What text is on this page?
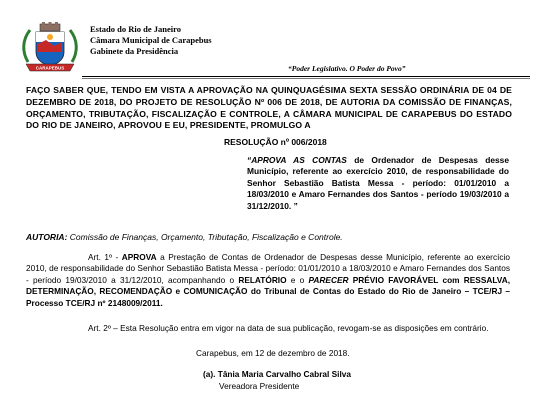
CARAPEBUS
Estado do Rio de Janeiro
Câmara Municipal de Carapebus
Gabinete da Presidência
“Poder Legislativo. O Poder do Povo”
FAÇO SABER QUE, TENDO EM VISTA A APROVAÇÃO NA QUINQUAGÉSIMA SEXTA SESSÃO ORDINÁRIA DE 04 DE DEZEMBRO DE 2018, DO PROJETO DE RESOLUÇÃO Nº 006 DE 2018, DE AUTORIA DA COMISSÃO DE FINANÇAS, ORÇAMENTO, TRIBUTAÇÃO, FISCALIZAÇÃO E CONTROLE, A CÂMARA MUNICIPAL DE CARAPEBUS DO ESTADO DO RIO DE JANEIRO, APROVOU E EU, PRESIDENTE, PROMULGO A
RESOLUÇÃO nº 006/2018
“APROVA AS CONTAS de Ordenador de Despesas desse Município, referente ao exercício 2010, de responsabilidade do Senhor Sebastião Batista Messa - período: 01/01/2010 a 18/03/2010 e Amaro Fernandes dos Santos - período 19/03/2010 a 31/12/2010. ”
AUTORIA: Comissão de Finanças, Orçamento, Tributação, Fiscalização e Controle.
Art. 1º - APROVA a Prestação de Contas de Ordenador de Despesas desse Município, referente ao exercício 2010, de responsabilidade do Senhor Sebastião Batista Messa - período: 01/01/2010 a 18/03/2010 e Amaro Fernandes dos Santos - período 19/03/2010 a 31/12/2010, acompanhando o RELATÓRIO e o PARECER PRÉVIO FAVORÁVEL com RESSALVA, DETERMINAÇÃO, RECOMENDAÇÃO e COMUNICAÇÃO do Tribunal de Contas do Estado do Rio de Janeiro – TCE/RJ – Processo TCE/RJ nº 2148009/2011.
Art. 2º – Esta Resolução entra em vigor na data de sua publicação, revogam-se as disposições em contrário.
Carapebus, em 12 de dezembro de 2018.
(a). Tânia Maria Carvalho Cabral Silva
Vereadora Presidente
